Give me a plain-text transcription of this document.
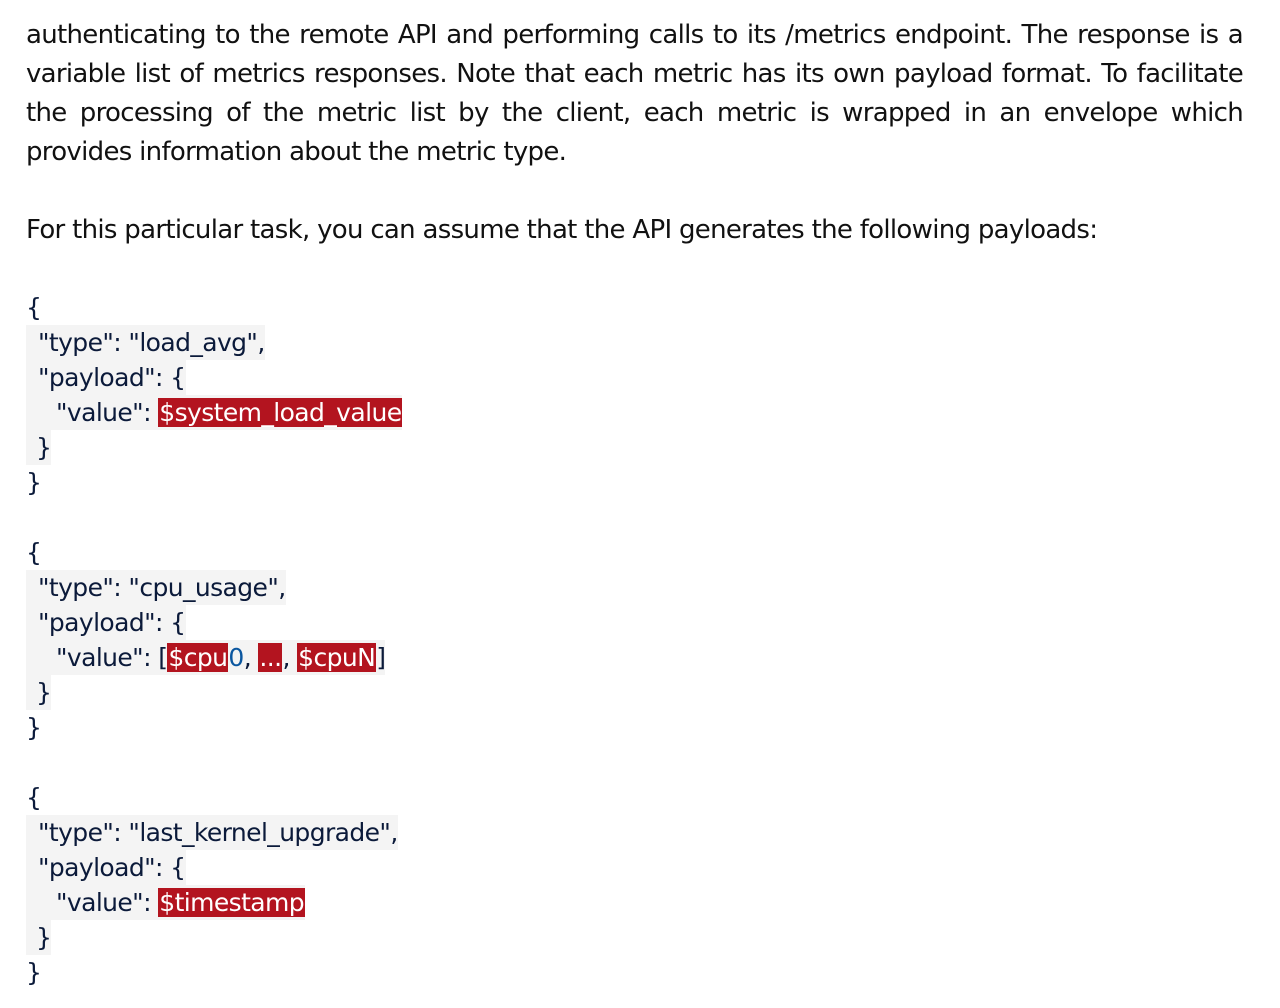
authenticating to the remote API and performing calls to its /metrics endpoint. The response is a variable list of metrics responses. Note that each metric has its own payload format. To facilitate the processing of the metric list by the client, each metric is wrapped in an envelope which provides information about the metric type.

For this particular task, you can assume that the API generates the following payloads:

{
"type": "load_avg",
"payload": {
"value": $system_load_value
}
}
{
"type": "cpu_usage",
"payload": {
"value": [$cpu0, ..., $cpuN]
}
}
{
"type": "last_kernel_upgrade",
"payload": {
"value": $timestamp
}
}
